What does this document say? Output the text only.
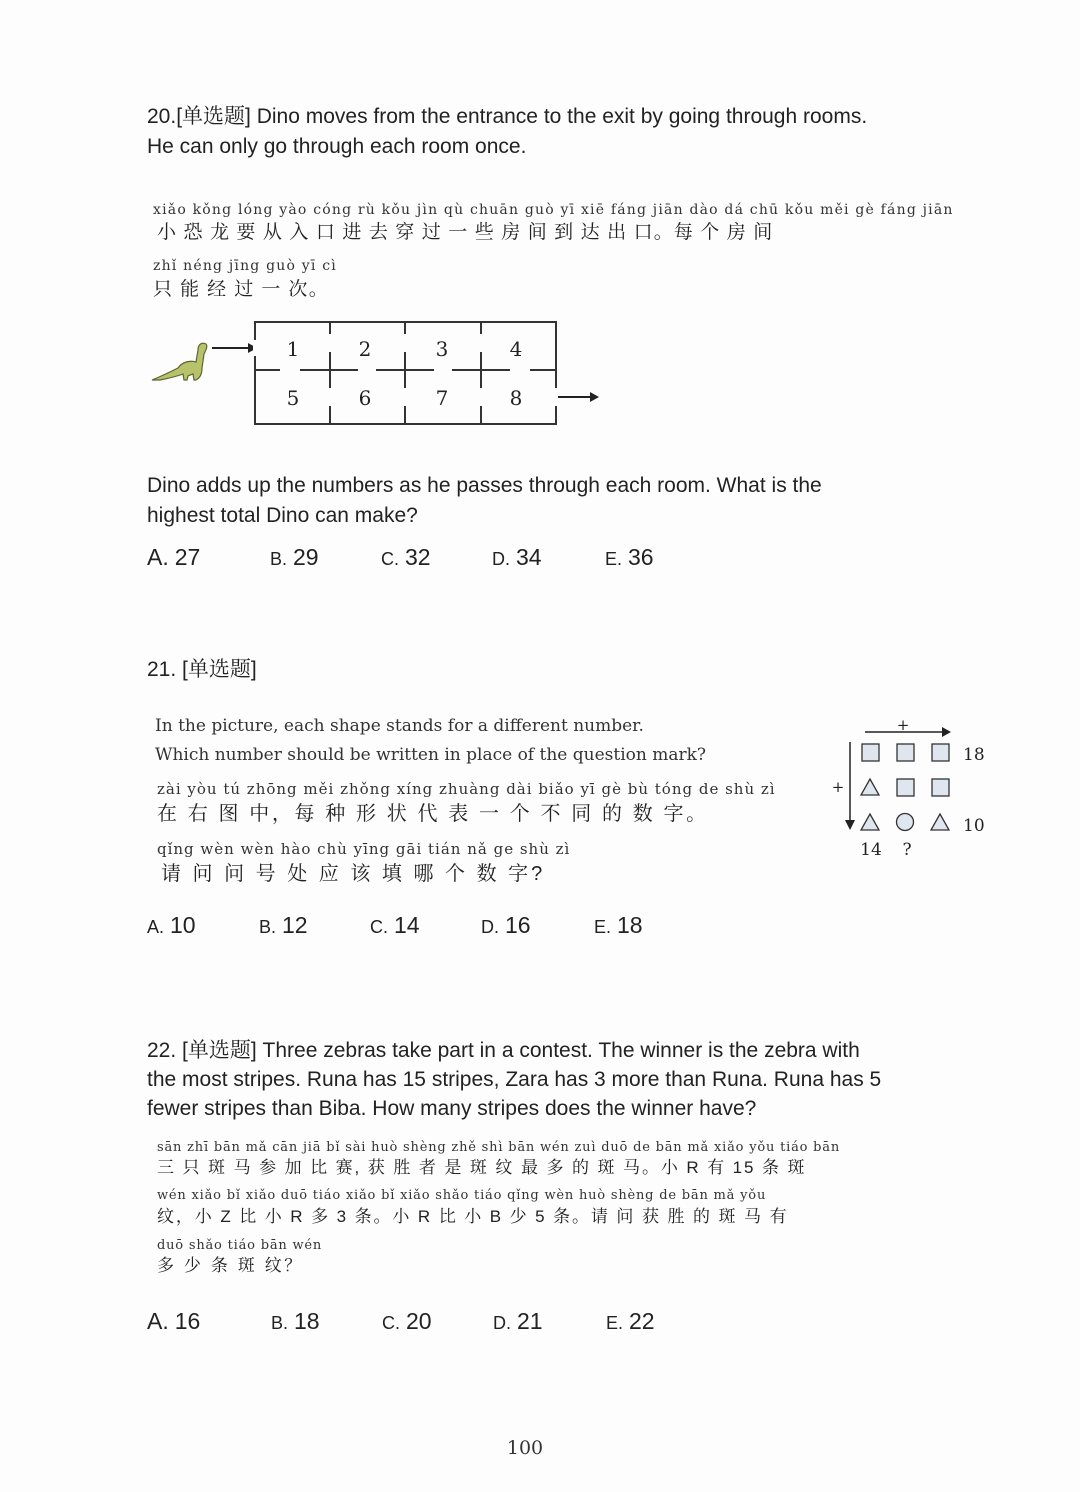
20.[单选题] Dino moves from the entrance to the exit by going through rooms.
He can only go through each room once.
xiǎo kǒng lóng yào cóng rù kǒu jìn qù chuān guò yī xiē fáng jiān dào dá chū kǒu měi gè fáng jiān
小 恐 龙 要 从 入 口 进 去 穿 过 一 些 房 间 到 达 出 口。每 个 房 间
zhǐ néng jīng guò yī cì
只 能 经 过 一 次。
1	2	3	4
5	6	7	8
Dino adds up the numbers as he passes through each room. What is the
highest total Dino can make?
A. 27	B. 29	C. 32	D. 34	E. 36
21. [单选题]
In the picture, each shape stands for a different number.
Which number should be written in place of the question mark?
zài yòu tú zhōng měi zhǒng xíng zhuàng dài biǎo yī gè bù tóng de shù zì
在 右 图 中，每 种 形 状 代 表 一 个 不 同 的 数 字。
qǐng wèn wèn hào chù yīng gāi tián nǎ ge shù zì
请 问 问 号 处 应 该 填 哪 个 数 字?
+
+
18
10
14 ?
A. 10	B. 12	C. 14	D. 16	E. 18
22. [单选题] Three zebras take part in a contest. The winner is the zebra with
the most stripes. Runa has 15 stripes, Zara has 3 more than Runa. Runa has 5
fewer stripes than Biba. How many stripes does the winner have?
sān zhī bān mǎ cān jiā bǐ sài huò shèng zhě shì bān wén zuì duō de bān mǎ xiǎo yǒu tiáo bān
三 只 斑 马 参 加 比 赛, 获 胜 者 是 斑 纹 最 多 的 斑 马。小 R 有 15 条 斑
wén xiǎo bǐ xiǎo duō tiáo xiǎo bǐ xiǎo shǎo tiáo qǐng wèn huò shèng de bān mǎ yǒu
纹，小 Z 比 小 R 多 3 条。小 R 比 小 B 少 5 条。请 问 获 胜 的 斑 马 有
duō shǎo tiáo bān wén
多 少 条 斑 纹？
A. 16	B. 18	C. 20	D. 21	E. 22
100
